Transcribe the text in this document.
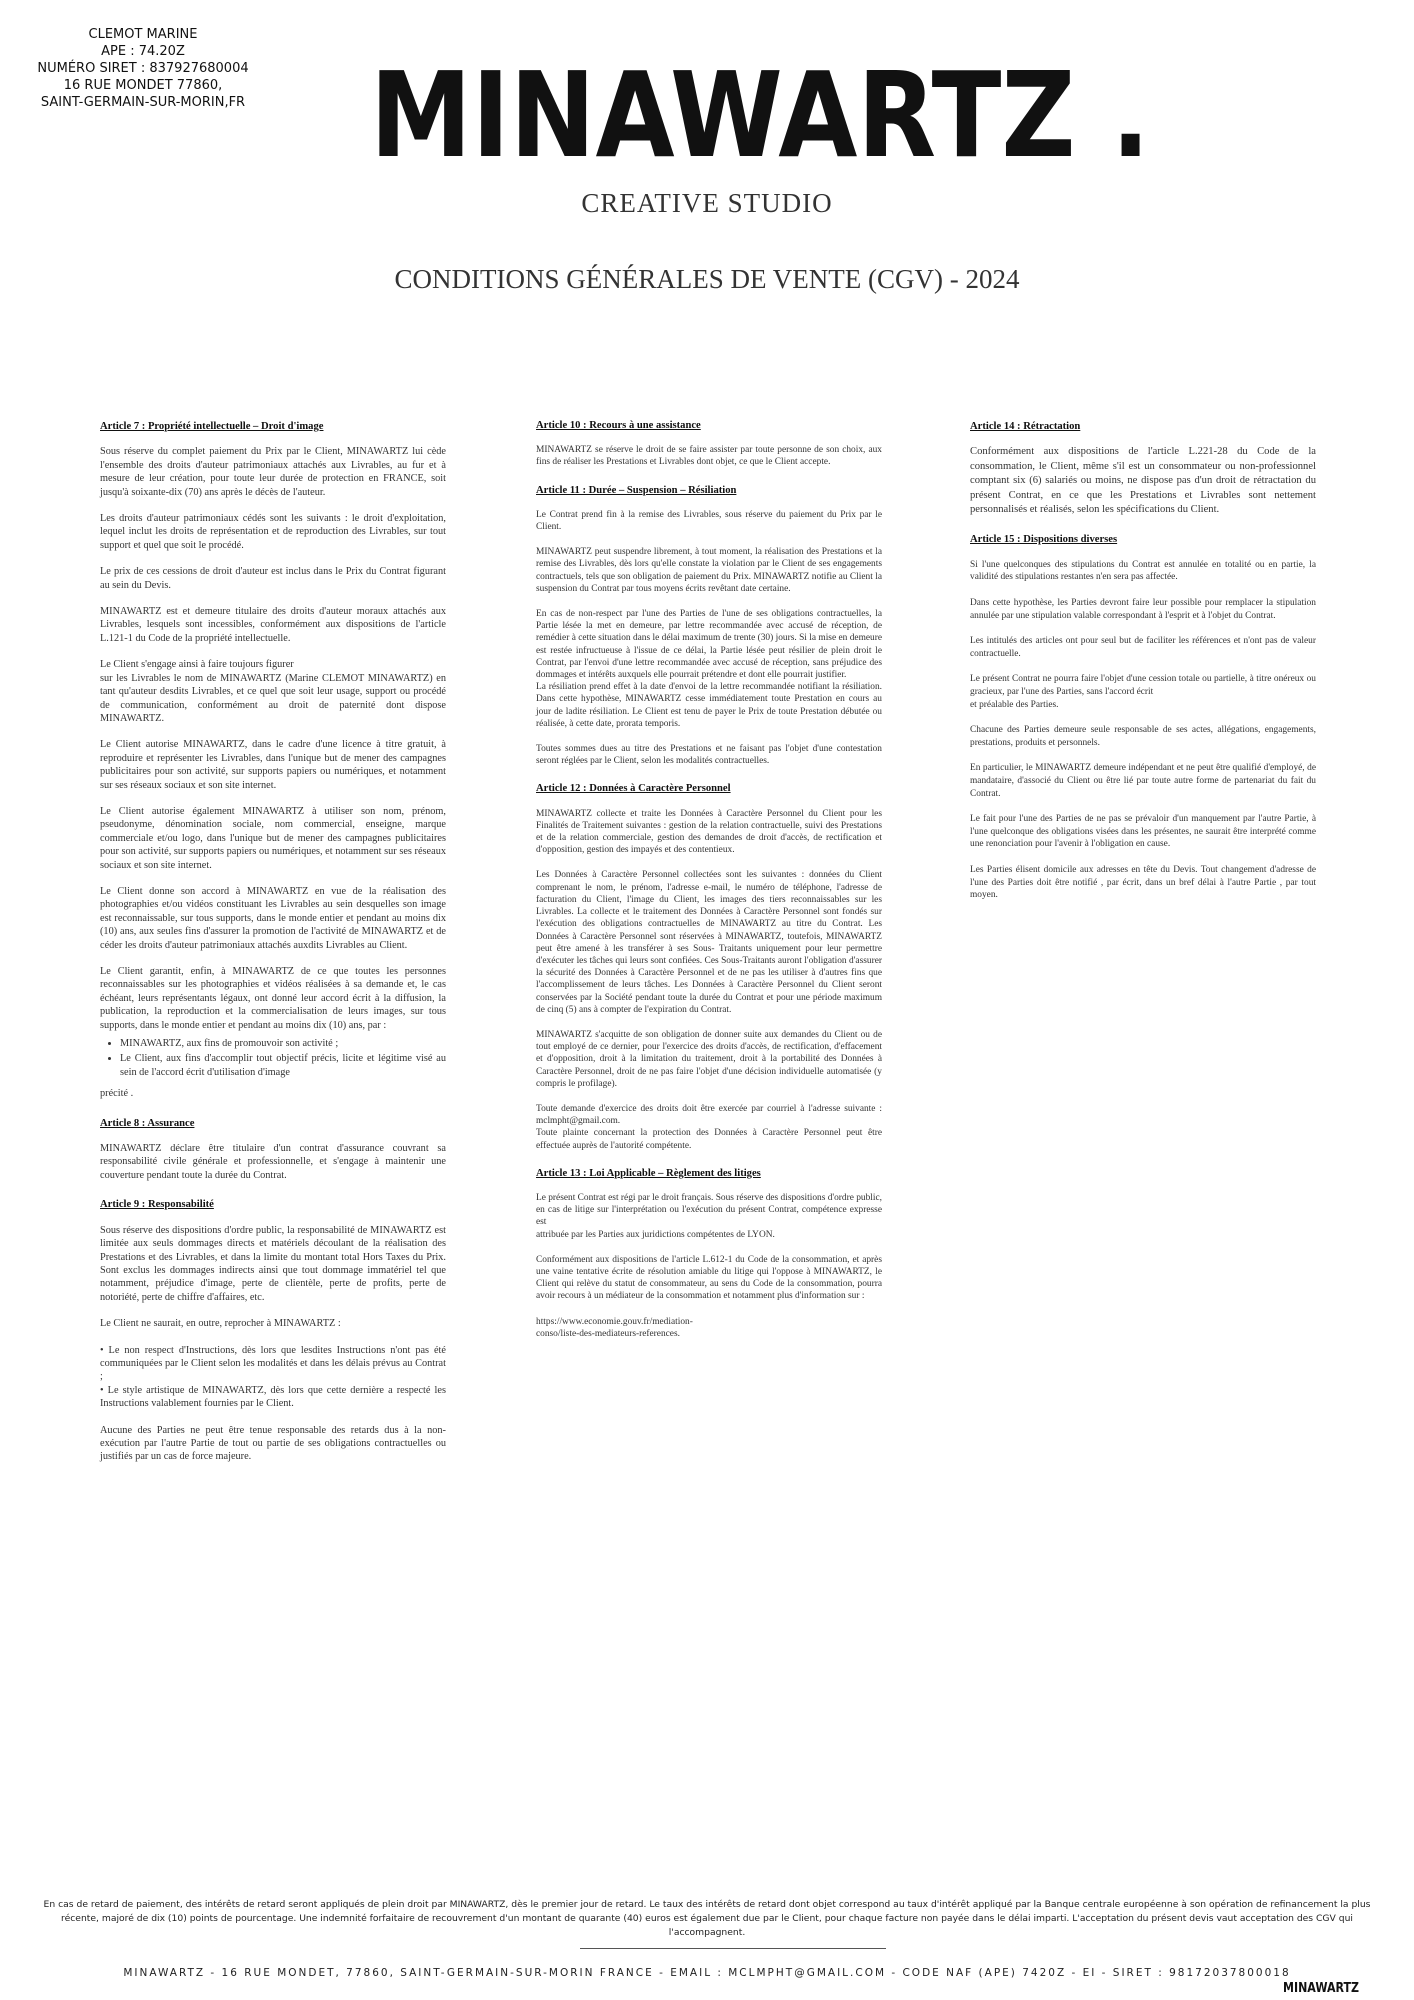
CLEMOT MARINE
APE : 74.20Z
NUMÉRO SIRET : 837927680004
16 RUE MONDET 77860,
SAINT-GERMAIN-SUR-MORIN,FR MINAWARTZ .
CREATIVE STUDIO
CONDITIONS GÉNÉRALES DE VENTE (CGV) - 2024
Article 7 : Propriété intellectuelle – Droit d'image

Sous réserve du complet paiement du Prix par le Client, MINAWARTZ lui cède l'ensemble des droits d'auteur patrimoniaux attachés aux Livrables, au fur et à mesure de leur création, pour toute leur durée de protection en FRANCE, soit jusqu'à soixante-dix (70) ans après le décès de l'auteur.

Les droits d'auteur patrimoniaux cédés sont les suivants : le droit d'exploitation, lequel inclut les droits de représentation et de reproduction des Livrables, sur tout support et quel que soit le procédé.

Le prix de ces cessions de droit d'auteur est inclus dans le Prix du Contrat figurant au sein du Devis.

MINAWARTZ est et demeure titulaire des droits d'auteur moraux attachés aux Livrables, lesquels sont incessibles, conformément aux dispositions de l'article L.121-1 du Code de la propriété intellectuelle.

Le Client s'engage ainsi à faire toujours figurer
sur les Livrables le nom de MINAWARTZ (Marine CLEMOT MINAWARTZ) en tant qu'auteur desdits Livrables, et ce quel que soit leur usage, support ou procédé de communication, conformément au droit de paternité dont dispose MINAWARTZ.

Le Client autorise MINAWARTZ, dans le cadre d'une licence à titre gratuit, à reproduire et représenter les Livrables, dans l'unique but de mener des campagnes publicitaires pour son activité, sur supports papiers ou numériques, et notamment sur ses réseaux sociaux et son site internet.

Le Client autorise également MINAWARTZ à utiliser son nom, prénom, pseudonyme, dénomination sociale, nom commercial, enseigne, marque commerciale et/ou logo, dans l'unique but de mener des campagnes publicitaires pour son activité, sur supports papiers ou numériques, et notamment sur ses réseaux sociaux et son site internet.

Le Client donne son accord à MINAWARTZ en vue de la réalisation des photographies et/ou vidéos constituant les Livrables au sein desquelles son image est reconnaissable, sur tous supports, dans le monde entier et pendant au moins dix (10) ans, aux seules fins d'assurer la promotion de l'activité de MINAWARTZ et de céder les droits d'auteur patrimoniaux attachés auxdits Livrables au Client.

Le Client garantit, enfin, à MINAWARTZ de ce que toutes les personnes reconnaissables sur les photographies et vidéos réalisées à sa demande et, le cas échéant, leurs représentants légaux, ont donné leur accord écrit à la diffusion, la publication, la reproduction et la commercialisation de leurs images, sur tous supports, dans le monde entier et pendant au moins dix (10) ans, par :

• MINAWARTZ, aux fins de promouvoir son activité ;
• Le Client, aux fins d'accomplir tout objectif précis, licite et légitime visé au sein de l'accord écrit d'utilisation d'image

précité .

Article 8 : Assurance

MINAWARTZ déclare être titulaire d'un contrat d'assurance couvrant sa responsabilité civile générale et professionnelle, et s'engage à maintenir une couverture pendant toute la durée du Contrat.

Article 9 : Responsabilité

Sous réserve des dispositions d'ordre public, la responsabilité de MINAWARTZ est limitée aux seuls dommages directs et matériels découlant de la réalisation des Prestations et des Livrables, et dans la limite du montant total Hors Taxes du Prix. Sont exclus les dommages indirects ainsi que tout dommage immatériel tel que notamment, préjudice d'image, perte de clientèle, perte de profits, perte de notoriété, perte de chiffre d'affaires, etc.

Le Client ne saurait, en outre, reprocher à MINAWARTZ :

• Le non respect d'Instructions, dès lors que lesdites Instructions n'ont pas été communiquées par le Client selon les modalités et dans les délais prévus au Contrat ;
• Le style artistique de MINAWARTZ, dès lors que cette dernière a respecté les Instructions valablement fournies par le Client.

Aucune des Parties ne peut être tenue responsable des retards dus à la non-exécution par l'autre Partie de tout ou partie de ses obligations contractuelles ou justifiés par un cas de force majeure.

Article 10 : Recours à une assistance

MINAWARTZ se réserve le droit de se faire assister par toute personne de son choix, aux fins de réaliser les Prestations et Livrables dont objet, ce que le Client accepte.

Article 11 : Durée – Suspension – Résiliation

Le Contrat prend fin à la remise des Livrables, sous réserve du paiement du Prix par le Client.

MINAWARTZ peut suspendre librement, à tout moment, la réalisation des Prestations et la remise des Livrables, dès lors qu'elle constate la violation par le Client de ses engagements contractuels, tels que son obligation de paiement du Prix. MINAWARTZ notifie au Client la suspension du Contrat par tous moyens écrits revêtant date certaine.

En cas de non-respect par l'une des Parties de l'une de ses obligations contractuelles, la Partie lésée la met en demeure, par lettre recommandée avec accusé de réception, de remédier à cette situation dans le délai maximum de trente (30) jours. Si la mise en demeure est restée infructueuse à l'issue de ce délai, la Partie lésée peut résilier de plein droit le Contrat, par l'envoi d'une lettre recommandée avec accusé de réception, sans préjudice des dommages et intérêts auxquels elle pourrait prétendre et dont elle pourrait justifier.
La résiliation prend effet à la date d'envoi de la lettre recommandée notifiant la résiliation. Dans cette hypothèse, MINAWARTZ cesse immédiatement toute Prestation en cours au jour de ladite résiliation. Le Client est tenu de payer le Prix de toute Prestation débutée ou réalisée, à cette date, prorata temporis.

Toutes sommes dues au titre des Prestations et ne faisant pas l'objet d'une contestation seront réglées par le Client, selon les modalités contractuelles.

Article 12 : Données à Caractère Personnel

MINAWARTZ collecte et traite les Données à Caractère Personnel du Client pour les Finalités de Traitement suivantes : gestion de la relation contractuelle, suivi des Prestations et de la relation commerciale, gestion des demandes de droit d'accès, de rectification et d'opposition, gestion des impayés et des contentieux.

Les Données à Caractère Personnel collectées sont les suivantes : données du Client comprenant le nom, le prénom, l'adresse e-mail, le numéro de téléphone, l'adresse de facturation du Client, l'image du Client, les images des tiers reconnaissables sur les Livrables. La collecte et le traitement des Données à Caractère Personnel sont fondés sur l'exécution des obligations contractuelles de MINAWARTZ au titre du Contrat. Les Données à Caractère Personnel sont réservées à MINAWARTZ, toutefois, MINAWARTZ peut être amené à les transférer à ses Sous- Traitants uniquement pour leur permettre d'exécuter les tâches qui leurs sont confiées. Ces Sous-Traitants auront l'obligation d'assurer la sécurité des Données à Caractère Personnel et de ne pas les utiliser à d'autres fins que l'accomplissement de leurs tâches. Les Données à Caractère Personnel du Client seront conservées par la Société pendant toute la durée du Contrat et pour une période maximum de cinq (5) ans à compter de l'expiration du Contrat.

MINAWARTZ s'acquitte de son obligation de donner suite aux demandes du Client ou de tout employé de ce dernier, pour l'exercice des droits d'accès, de rectification, d'effacement et d'opposition, droit à la limitation du traitement, droit à la portabilité des Données à Caractère Personnel, droit de ne pas faire l'objet d'une décision individuelle automatisée (y compris le profilage).

Toute demande d'exercice des droits doit être exercée par courriel à l'adresse suivante : mclmpht@gmail.com.
Toute plainte concernant la protection des Données à Caractère Personnel peut être effectuée auprès de l'autorité compétente.

Article 13 : Loi Applicable – Règlement des litiges

Le présent Contrat est régi par le droit français. Sous réserve des dispositions d'ordre public, en cas de litige sur l'interprétation ou l'exécution du présent Contrat, compétence expresse est
attribuée par les Parties aux juridictions compétentes de LYON.

Conformément aux dispositions de l'article L.612-1 du Code de la consommation, et après une vaine tentative écrite de résolution amiable du litige qui l'oppose à MINAWARTZ, le Client qui relève du statut de consommateur, au sens du Code de la consommation, pourra avoir recours à un médiateur de la consommation et notamment plus d'information sur :

https://www.economie.gouv.fr/mediation-
conso/liste-des-mediateurs-references.

Article 14 : Rétractation

Conformément aux dispositions de l'article L.221-28 du Code de la consommation, le Client, même s'il est un consommateur ou non-professionnel comptant six (6) salariés ou moins, ne dispose pas d'un droit de rétractation du présent Contrat, en ce que les Prestations et Livrables sont nettement personnalisés et réalisés, selon les spécifications du Client.

Article 15 : Dispositions diverses

Si l'une quelconques des stipulations du Contrat est annulée en totalité ou en partie, la validité des stipulations restantes n'en sera pas affectée.

Dans cette hypothèse, les Parties devront faire leur possible pour remplacer la stipulation annulée par une stipulation valable correspondant à l'esprit et à l'objet du Contrat.

Les intitulés des articles ont pour seul but de faciliter les références et n'ont pas de valeur contractuelle.

Le présent Contrat ne pourra faire l'objet d'une cession totale ou partielle, à titre onéreux ou gracieux, par l'une des Parties, sans l'accord écrit
et préalable des Parties.

Chacune des Parties demeure seule responsable de ses actes, allégations, engagements, prestations, produits et personnels.

En particulier, le MINAWARTZ demeure indépendant et ne peut être qualifié d'employé, de mandataire, d'associé du Client ou être lié par toute autre forme de partenariat du fait du Contrat.

Le fait pour l'une des Parties de ne pas se prévaloir d'un manquement par l'autre Partie, à l'une quelconque des obligations visées dans les présentes, ne saurait être interprété comme une renonciation pour l'avenir à l'obligation en cause.

Les Parties élisent domicile aux adresses en tête du Devis. Tout changement d'adresse de l'une des Parties doit être notifié , par écrit, dans un bref délai à l'autre Partie , par tout moyen.

En cas de retard de paiement, des intérêts de retard seront appliqués de plein droit par MINAWARTZ, dès le premier jour de retard. Le taux des intérêts de retard dont objet correspond au taux d'intérêt appliqué par la Banque centrale européenne à son opération de refinancement la plus récente, majoré de dix (10) points de pourcentage. Une indemnité forfaitaire de recouvrement d'un montant de quarante (40) euros est également due par le Client, pour chaque facture non payée dans le délai imparti. L'acceptation du présent devis vaut acceptation des CGV qui l'accompagnent.
MINAWARTZ - 16 RUE MONDET, 77860, SAINT-GERMAIN-SUR-MORIN FRANCE - EMAIL : MCLMPHT@GMAIL.COM - CODE NAF (APE) 7420Z - EI - SIRET : 98172037800018
MINAWARTZ
